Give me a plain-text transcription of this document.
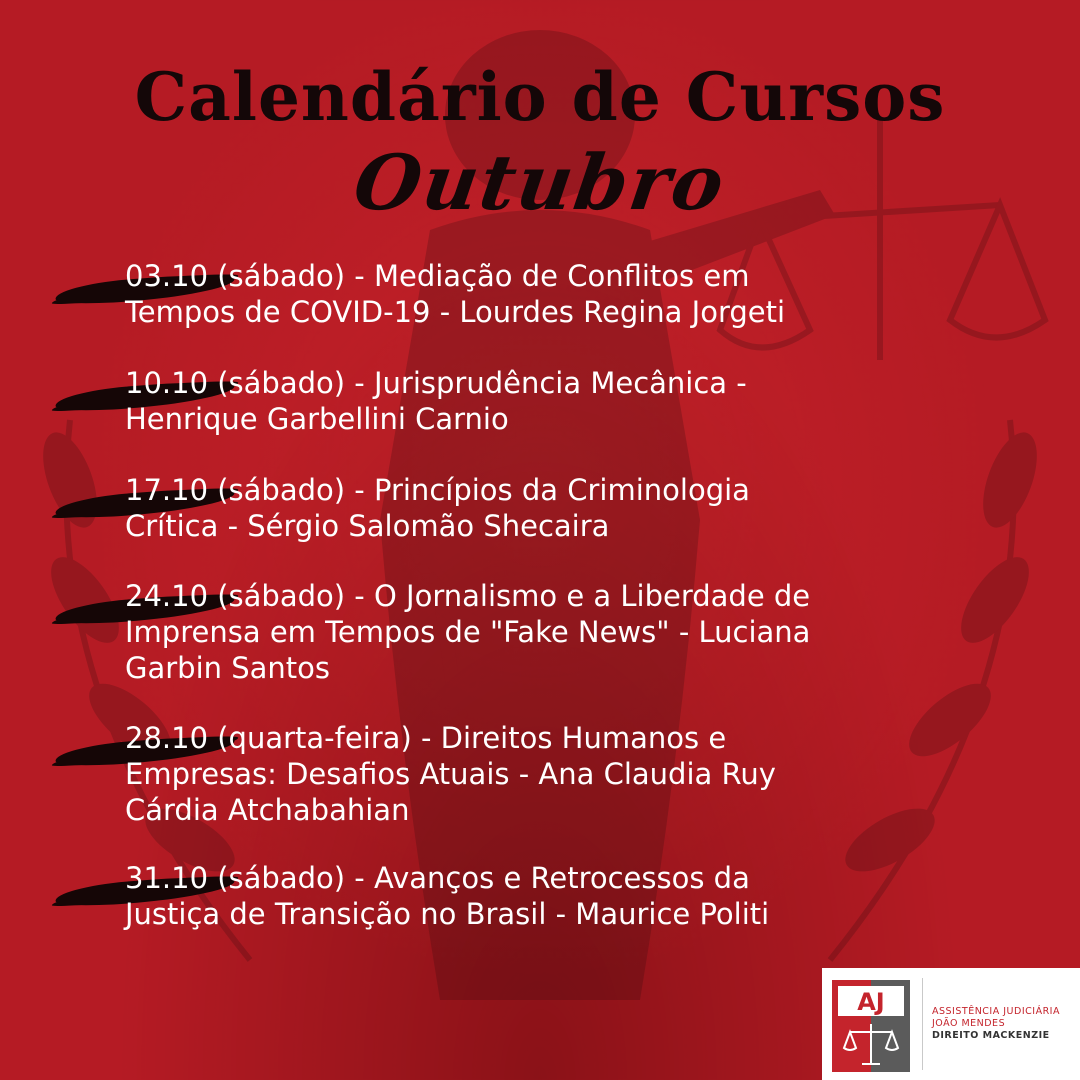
Calendário de Cursos
Outubro
03.10 (sábado) - Mediação de Conflitos em
Tempos de COVID-19 - Lourdes Regina Jorgeti
10.10 (sábado) - Jurisprudência Mecânica -
Henrique Garbellini Carnio
17.10 (sábado) - Princípios da Criminologia
Crítica - Sérgio Salomão Shecaira
24.10 (sábado) - O Jornalismo e a Liberdade de
Imprensa em Tempos de "Fake News" - Luciana
Garbin Santos
28.10 (quarta-feira) - Direitos Humanos e
Empresas: Desafios Atuais - Ana Claudia Ruy
Cárdia Atchabahian
31.10 (sábado) - Avanços e Retrocessos da
Justiça de Transição no Brasil - Maurice Politi
AJ	ASSISTÊNCIA JUDICIÁRIA
JOÃO MENDES
DIREITO MACKENZIE
